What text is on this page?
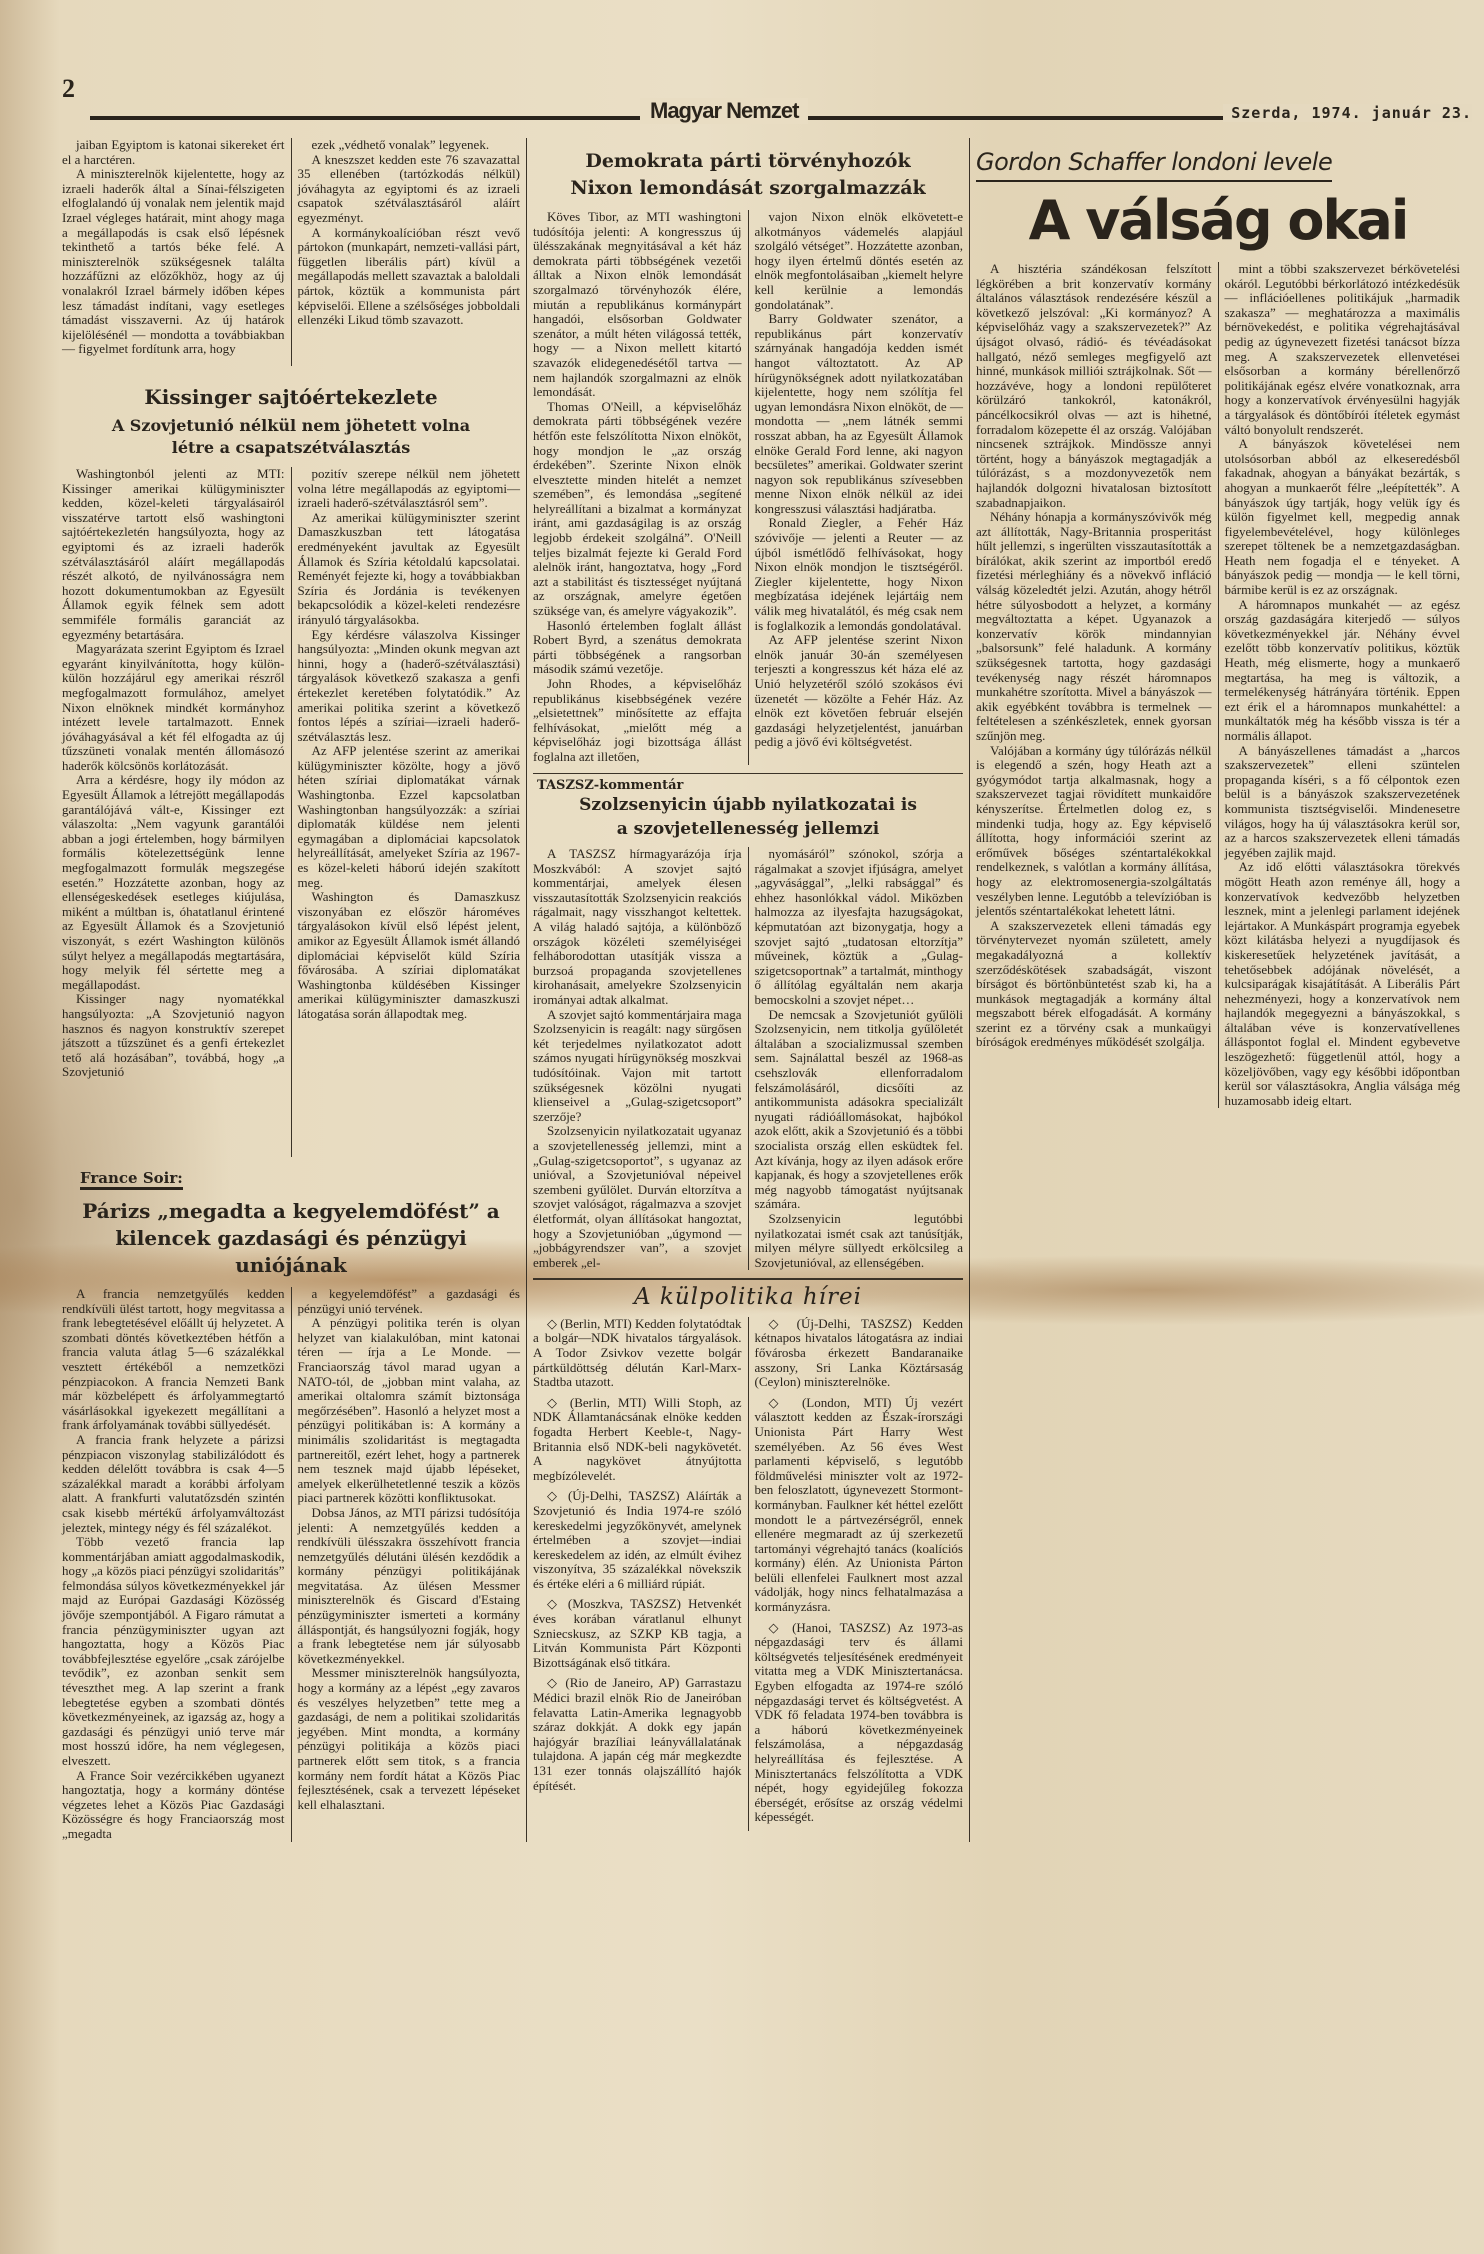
2
Magyar Nemzet	Szerda, 1974. január 23.

jaiban Egyiptom is katonai sikereket ért el a harctéren.

A miniszterelnök kijelentette, hogy az izraeli haderők által a Sínai-félszigeten elfoglalandó új vonalak nem jelentik majd Izrael végleges határait, mint ahogy maga a megállapodás is csak első lépésnek tekinthető a tartós béke felé. A miniszterelnök szükségesnek találta hozzáfűzni az előzőkhöz, hogy az új vonalakról Izrael bármely időben képes lesz támadást indítani, vagy esetleges támadást visszaverni. Az új határok kijelölésénél — mondotta a továbbiakban — figyelmet fordítunk arra, hogy

ezek „védhető vonalak” legyenek.

A kneszszet kedden este 76 szavazattal 35 ellenében (tartózkodás nélkül) jóváhagyta az egyiptomi és az izraeli csapatok szétválasztásáról aláírt egyezményt.

A kormánykoalícióban részt vevő pártokon (munkapárt, nemzeti-vallási párt, független liberális párt) kívül a megállapodás mellett szavaztak a baloldali pártok, köztük a kommunista párt képviselői. Ellene a szélsőséges jobboldali ellenzéki Likud tömb szavazott.

Kissinger sajtóértekezlete
A Szovjetunió nélkül nem jöhetett volna létre a csapatszétválasztás

Washingtonból jelenti az MTI: Kissinger amerikai külügyminiszter kedden, közel-keleti tárgyalásairól visszatérve tartott első washingtoni sajtóértekezletén hangsúlyozta, hogy az egyiptomi és az izraeli haderők szétválasztásáról aláírt megállapodás részét alkotó, de nyilvánosságra nem hozott dokumentumokban az Egyesült Államok egyik félnek sem adott semmiféle formális garanciát az egyezmény betartására.

Magyarázata szerint Egyiptom és Izrael egyaránt kinyilvánította, hogy külön-külön hozzájárul egy amerikai részről megfogalmazott formulához, amelyet Nixon elnöknek mindkét kormányhoz intézett levele tartalmazott. Ennek jóváhagyásával a két fél elfogadta az új tűzszüneti vonalak mentén állomásozó haderők kölcsönös korlátozását.

Arra a kérdésre, hogy ily módon az Egyesült Államok a létrejött megállapodás garantálójává vált-e, Kissinger ezt válaszolta: „Nem vagyunk garantálói abban a jogi értelemben, hogy bármilyen formális kötelezettségünk lenne megfogalmazott formulák megszegése esetén.” Hozzátette azonban, hogy az ellenségeskedések esetleges kiújulása, miként a múltban is, óhatatlanul érintené az Egyesült Államok és a Szovjetunió viszonyát, s ezért Washington különös súlyt helyez a megállapodás megtartására, hogy melyik fél sértette meg a megállapodást.

Kissinger nagy nyomatékkal hangsúlyozta: „A Szovjetunió nagyon hasznos és nagyon konstruktív szerepet játszott a tűzszünet és a genfi értekezlet tető alá hozásában”, továbbá, hogy „a Szovjetunió

pozitív szerepe nélkül nem jöhetett volna létre megállapodás az egyiptomi—izraeli haderő-szétválasztásról sem”.

Az amerikai külügyminiszter szerint Damaszkuszban tett látogatása eredményeként javultak az Egyesült Államok és Szíria kétoldalú kapcsolatai. Reményét fejezte ki, hogy a továbbiakban Szíria és Jordánia is tevékenyen bekapcsolódik a közel-keleti rendezésre irányuló tárgyalásokba.

Egy kérdésre válaszolva Kissinger hangsúlyozta: „Minden okunk megvan azt hinni, hogy a (haderő-szétválasztási) tárgyalások következő szakasza a genfi értekezlet keretében folytatódik.” Az amerikai politika szerint a következő fontos lépés a szíriai—izraeli haderő-szétválasztás lesz.

Az AFP jelentése szerint az amerikai külügyminiszter közölte, hogy a jövő héten szíriai diplomatákat várnak Washingtonba. Ezzel kapcsolatban Washingtonban hangsúlyozzák: a szíriai diplomaták küldése nem jelenti egymagában a diplomáciai kapcsolatok helyreállítását, amelyeket Szíria az 1967-es közel-keleti háború idején szakított meg.

Washington és Damaszkusz viszonyában ez először hároméves tárgyalásokon kívül első lépést jelent, amikor az Egyesült Államok ismét állandó diplomáciai képviselőt küld Szíria fővárosába. A szíriai diplomatákat Washingtonba küldésében Kissinger amerikai külügyminiszter damaszkuszi látogatása során állapodtak meg.

France Soir:
Párizs „megadta a kegyelemdöfést” a kilencek gazdasági és pénzügyi uniójának

A francia nemzetgyűlés kedden rendkívüli ülést tartott, hogy megvitassa a frank lebegtetésével előállt új helyzetet. A szombati döntés következtében hétfőn a francia valuta átlag 5—6 százalékkal vesztett értékéből a nemzetközi pénzpiacokon. A francia Nemzeti Bank már közbelépett és árfolyammegtartó vásárlásokkal igyekezett megállítani a frank árfolyamának további süllyedését.

A francia frank helyzete a párizsi pénzpiacon viszonylag stabilizálódott és kedden délelőtt továbbra is csak 4—5 százalékkal maradt a korábbi árfolyam alatt. A frankfurti valutatőzsdén szintén csak kisebb mértékű árfolyamváltozást jeleztek, mintegy négy és fél százalékot.

Több vezető francia lap kommentárjában amiatt aggodalmaskodik, hogy „a közös piaci pénzügyi szolidaritás” felmondása súlyos következményekkel jár majd az Európai Gazdasági Közösség jövője szempontjából. A Figaro rámutat a francia pénzügyminiszter ugyan azt hangoztatta, hogy a Közös Piac továbbfejlesztése egyelőre „csak zárójelbe tevődik”, ez azonban senkit sem téveszthet meg. A lap szerint a frank lebegtetése egyben a szombati döntés következményeinek, az igazság az, hogy a gazdasági és pénzügyi unió terve már most hosszú időre, ha nem véglegesen, elveszett.

A France Soir vezércikkében ugyanezt hangoztatja, hogy a kormány döntése végzetes lehet a Közös Piac Gazdasági Közösségre és hogy Franciaország most „megadta

a kegyelemdöfést” a gazdasági és pénzügyi unió tervének.

A pénzügyi politika terén is olyan helyzet van kialakulóban, mint katonai téren — írja a Le Monde. — Franciaország távol marad ugyan a NATO-tól, de „jobban mint valaha, az amerikai oltalomra számít biztonsága megőrzésében”. Hasonló a helyzet most a pénzügyi politikában is: A kormány a minimális szolidaritást is megtagadta partnereitől, ezért lehet, hogy a partnerek nem tesznek majd újabb lépéseket, amelyek elkerülhetetlenné teszik a közös piaci partnerek közötti konfliktusokat.

Dobsa János, az MTI párizsi tudósítója jelenti: A nemzetgyűlés kedden a rendkívüli ülésszakra összehívott francia nemzetgyűlés délutáni ülésén kezdődik a kormány pénzügyi politikájának megvitatása. Az ülésen Messmer miniszterelnök és Giscard d'Estaing pénzügyminiszter ismerteti a kormány álláspontját, és hangsúlyozni fogják, hogy a frank lebegtetése nem jár súlyosabb következményekkel.

Messmer miniszterelnök hangsúlyozta, hogy a kormány az a lépést „egy zavaros és veszélyes helyzetben” tette meg a gazdasági, de nem a politikai szolidaritás jegyében. Mint mondta, a kormány pénzügyi politikája a közös piaci partnerek előtt sem titok, s a francia kormány nem fordít hátat a Közös Piac fejlesztésének, csak a tervezett lépéseket kell elhalasztani.

Demokrata párti törvényhozók
Nixon lemondását szorgalmazzák

Köves Tibor, az MTI washingtoni tudósítója jelenti: A kongresszus új ülésszakának megnyitásával a két ház demokrata párti többségének vezetői álltak a Nixon elnök lemondását szorgalmazó törvényhozók élére, miután a republikánus kormánypárt hangadói, elsősorban Goldwater szenátor, a múlt héten világossá tették, hogy — a Nixon mellett kitartó szavazók elidegenedésétől tartva — nem hajlandók szorgalmazni az elnök lemondását.

Thomas O'Neill, a képviselőház demokrata párti többségének vezére hétfőn este felszólította Nixon elnököt, hogy mondjon le „az ország érdekében”. Szerinte Nixon elnök elvesztette minden hitelét a nemzet szemében”, és lemondása „segítené helyreállítani a bizalmat a kormányzat iránt, ami gazdaságilag is az ország legjobb érdekeit szolgálná”. O'Neill teljes bizalmát fejezte ki Gerald Ford alelnök iránt, hangoztatva, hogy „Ford azt a stabilitást és tisztességet nyújtaná az országnak, amelyre égetően szüksége van, és amelyre vágyakozik”.

Hasonló értelemben foglalt állást Robert Byrd, a szenátus demokrata párti többségének a rangsorban második számú vezetője.

John Rhodes, a képviselőház republikánus kisebbségének vezére „elsietettnek” minősítette az effajta felhívásokat, „mielőtt még a képviselőház jogi bizottsága állást foglalna azt illetően,

vajon Nixon elnök elkövetett-e alkotmányos vádemelés alapjául szolgáló vétséget”. Hozzátette azonban, hogy ilyen értelmű döntés esetén az elnök megfontolásaiban „kiemelt helyre kell kerülnie a lemondás gondolatának”.

Barry Goldwater szenátor, a republikánus párt konzervatív szárnyának hangadója kedden ismét hangot változtatott. Az AP hírügynökségnek adott nyilatkozatában kijelentette, hogy nem szólítja fel ugyan lemondásra Nixon elnököt, de — mondotta — „nem látnék semmi rosszat abban, ha az Egyesült Államok elnöke Gerald Ford lenne, aki nagyon becsületes” amerikai. Goldwater szerint nagyon sok republikánus szívesebben menne Nixon elnök nélkül az idei kongresszusi választási hadjáratba.

Ronald Ziegler, a Fehér Ház szóvivője — jelenti a Reuter — az újból ismétlődő felhívásokat, hogy Nixon elnök mondjon le tisztségéről. Ziegler kijelentette, hogy Nixon megbízatása idejének lejártáig nem válik meg hivatalától, és még csak nem is foglalkozik a lemondás gondolatával.

Az AFP jelentése szerint Nixon elnök január 30-án személyesen terjeszti a kongresszus két háza elé az Unió helyzetéről szóló szokásos évi üzenetét — közölte a Fehér Ház. Az elnök ezt követően február elsején gazdasági helyzetjelentést, januárban pedig a jövő évi költségvetést.

TASZSZ-kommentár
Szolzsenyicin újabb nyilatkozatai is
a szovjetellenesség jellemzi

A TASZSZ hírmagyarázója írja Moszkvából: A szovjet sajtó kommentárjai, amelyek élesen visszautasították Szolzsenyicin reakciós rágalmait, nagy visszhangot keltettek. A világ haladó sajtója, a különböző országok közéleti személyiségei felháborodottan utasítják vissza a burzsoá propaganda szovjetellenes kirohanásait, amelyekre Szolzsenyicin irományai adtak alkalmat.

A szovjet sajtó kommentárjaira maga Szolzsenyicin is reagált: nagy sürgősen két terjedelmes nyilatkozatot adott számos nyugati hírügynökség moszkvai tudósítóinak. Vajon mit tartott szükségesnek közölni nyugati klienseivel a „Gulag-szigetcsoport” szerzője?

Szolzsenyicin nyilatkozatait ugyanaz a szovjetellenesség jellemzi, mint a „Gulag-szigetcsoportot”, s ugyanaz az unióval, a Szovjetunióval népeivel szembeni gyűlölet. Durván eltorzítva a szovjet valóságot, rágalmazva a szovjet életformát, olyan állításokat hangoztat, hogy a Szovjetunióban „úgymond — „jobbágyrendszer van”, a szovjet emberek „el-

nyomásáról” szónokol, szórja a rágalmakat a szovjet ifjúságra, amelyet „agyvásággal”, „lelki rabsággal” és ehhez hasonlókkal vádol. Miközben halmozza az ilyesfajta hazugságokat, képmutatóan azt bizonygatja, hogy a szovjet sajtó „tudatosan eltorzítja” műveinek, köztük a „Gulag-szigetcsoportnak” a tartalmát, minthogy ő állítólag egyáltalán nem akarja bemocskolni a szovjet népet…

De nemcsak a Szovjetuniót gyűlöli Szolzsenyicin, nem titkolja gyűlöletét általában a szocializmussal szemben sem. Sajnálattal beszél az 1968-as csehszlovák ellenforradalom felszámolásáról, dicsőíti az antikommunista adásokra specializált nyugati rádióállomásokat, hajbókol azok előtt, akik a Szovjetunió és a többi szocialista ország ellen esküdtek fel. Azt kívánja, hogy az ilyen adások erőre kapjanak, és hogy a szovjetellenes erők még nagyobb támogatást nyújtsanak számára.

Szolzsenyicin legutóbbi nyilatkozatai ismét csak azt tanúsítják, milyen mélyre süllyedt erkölcsileg a Szovjetunióval, az ellenségében.

A külpolitika hírei

◇ (Berlin, MTI) Kedden folytatódtak a bolgár—NDK hivatalos tárgyalások. A Todor Zsivkov vezette bolgár pártküldöttség délután Karl-Marx-Stadtba utazott.

◇ (Berlin, MTI) Willi Stoph, az NDK Államtanácsának elnöke kedden fogadta Herbert Keeble-t, Nagy-Britannia első NDK-beli nagykövetét. A nagykövet átnyújtotta megbízólevelét.

◇ (Új-Delhi, TASZSZ) Aláírták a Szovjetunió és India 1974-re szóló kereskedelmi jegyzőkönyvét, amelynek értelmében a szovjet—indiai kereskedelem az idén, az elmúlt évihez viszonyítva, 35 százalékkal növekszik és értéke eléri a 6 milliárd rúpiát.

◇ (Moszkva, TASZSZ) Hetvenkét éves korában váratlanul elhunyt Szniecskusz, az SZKP KB tagja, a Litván Kommunista Párt Központi Bizottságának első titkára.

◇ (Rio de Janeiro, AP) Garrastazu Médici brazil elnök Rio de Janeiróban felavatta Latin-Amerika legnagyobb száraz dokkját. A dokk egy japán hajógyár brazíliai leányvállalatának tulajdona. A japán cég már megkezdte 131 ezer tonnás olajszállító hajók építését.

◇ (Új-Delhi, TASZSZ) Kedden kétnapos hivatalos látogatásra az indiai fővárosba érkezett Bandaranaike asszony, Sri Lanka Köztársaság (Ceylon) miniszterelnöke.

◇ (London, MTI) Új vezért választott kedden az Észak-írországi Unionista Párt Harry West személyében. Az 56 éves West parlamenti képviselő, s legutóbb földművelési miniszter volt az 1972-ben feloszlatott, úgynevezett Stormont-kormányban. Faulkner két héttel ezelőtt mondott le a pártvezérségről, ennek ellenére megmaradt az új szerkezetű tartományi végrehajtó tanács (koalíciós kormány) élén. Az Unionista Párton belüli ellenfelei Faulknert most azzal vádolják, hogy nincs felhatalmazása a kormányzásra.

◇ (Hanoi, TASZSZ) Az 1973-as népgazdasági terv és állami költségvetés teljesítésének eredményeit vitatta meg a VDK Minisztertanácsa. Egyben elfogadta az 1974-re szóló népgazdasági tervet és költségvetést. A VDK fő feladata 1974-ben továbbra is a háború következményeinek felszámolása, a népgazdaság helyreállítása és fejlesztése. A Minisztertanács felszólította a VDK népét, hogy egyidejűleg fokozza éberségét, erősítse az ország védelmi képességét.

Gordon Schaffer londoni levele
A válság okai

A hisztéria szándékosan felszított légkörében a brit konzervatív kormány általános választások rendezésére készül a következő jelszóval: „Ki kormányoz? A képviselőház vagy a szakszervezetek?” Az újságot olvasó, rádió- és tévéadásokat hallgató, néző semleges megfigyelő azt hinné, munkások milliói sztrájkolnak. Sőt — hozzávéve, hogy a londoni repülőteret körülzáró tankokról, katonákról, páncélkocsikról olvas — azt is hihetné, forradalom közepette él az ország. Valójában nincsenek sztrájkok. Mindössze annyi történt, hogy a bányászok megtagadják a túlórázást, s a mozdonyvezetők nem hajlandók dolgozni hivatalosan biztosított szabadnapjaikon.

Néhány hónapja a kormányszóvivők még azt állították, Nagy-Britannia prosperitást hűlt jellemzi, s ingerülten visszautasították a bírálókat, akik szerint az importból eredő fizetési mérleghiány és a növekvő infláció válság közeledtét jelzi. Azután, ahogy hétről hétre súlyosbodott a helyzet, a kormány megváltoztatta a képet. Ugyanazok a konzervatív körök mindannyian „balsorsunk” felé haladunk. A kormány szükségesnek tartotta, hogy gazdasági tevékenység nagy részét háromnapos munkahétre szorította. Mivel a bányászok — akik egyébként továbbra is termelnek — feltételesen a szénkészletek, ennek gyorsan szűnjön meg.

Valójában a kormány úgy túlórázás nélkül is elegendő a szén, hogy Heath azt a gyógymódot tartja alkalmasnak, hogy a szakszervezet tagjai rövidített munkaidőre kényszerítse. Értelmetlen dolog ez, s mindenki tudja, hogy az. Egy képviselő állította, hogy információi szerint az erőművek bőséges széntartalékokkal rendelkeznek, s valótlan a kormány állítása, hogy az elektromosenergia-szolgáltatás veszélyben lenne. Legutóbb a televízióban is jelentős széntartalékokat lehetett látni.

A szakszervezetek elleni támadás egy törvénytervezet nyomán született, amely megakadályozná a kollektív szerződéskötések szabadságát, viszont bírságot és börtönbüntetést szab ki, ha a munkások megtagadják a kormány által megszabott bérek elfogadását. A kormány szerint ez a törvény csak a munkaügyi bíróságok eredményes működését szolgálja.

mint a többi szakszervezet bérkövetelési okáról. Legutóbbi bérkorlátozó intézkedésük — inflációellenes politikájuk „harmadik szakasza” — meghatározza a maximális bérnövekedést, e politika végrehajtásával pedig az úgynevezett fizetési tanácsot bízza meg. A szakszervezetek ellenvetései elsősorban a kormány bérellenőrző politikájának egész elvére vonatkoznak, arra hogy a konzervatívok érvényesülni hagyják a tárgyalások és döntőbírói ítéletek egymást váltó bonyolult rendszerét.

A bányászok követelései nem utolsósorban abból az elkeseredésből fakadnak, ahogyan a bányákat bezárták, s ahogyan a munkaerőt félre „leépítették”. A bányászok úgy tartják, hogy velük így és külön figyelmet kell, megpedig annak figyelembevételével, hogy különleges szerepet töltenek be a nemzetgazdaságban. Heath nem fogadja el e tényeket. A bányászok pedig — mondja — le kell törni, bármibe kerül is ez az országnak.

A háromnapos munkahét — az egész ország gazdaságára kiterjedő — súlyos következményekkel jár. Néhány évvel ezelőtt több konzervatív politikus, köztük Heath, még elismerte, hogy a munkaerő megtartása, ha meg is változik, a termelékenység hátrányára történik. Eppen ezt érik el a háromnapos munkahéttel: a munkáltatók még ha később vissza is tér a normális állapot.

A bányászellenes támadást a „harcos szakszervezetek” elleni szüntelen propaganda kíséri, s a fő célpontok ezen belül is a bányászok szakszervezetének kommunista tisztségviselői. Mindenesetre világos, hogy ha új választásokra kerül sor, az a harcos szakszervezetek elleni támadás jegyében zajlik majd.

Az idő előtti választásokra törekvés mögött Heath azon reménye áll, hogy a konzervatívok kedvezőbb helyzetben lesznek, mint a jelenlegi parlament idejének lejártakor. A Munkáspárt programja egyebek közt kilátásba helyezi a nyugdíjasok és kiskeresetűek helyzetének javítását, a tehetősebbek adójának növelését, a kulcsiparágak kisajátítását. A Liberális Párt nehezményezi, hogy a konzervatívok nem hajlandók megegyezni a bányászokkal, s általában véve is konzervatívellenes álláspontot foglal el. Mindent egybevetve leszögezhető: függetlenül attól, hogy a közeljövőben, vagy egy későbbi időpontban kerül sor választásokra, Anglia válsága még huzamosabb ideig eltart.
